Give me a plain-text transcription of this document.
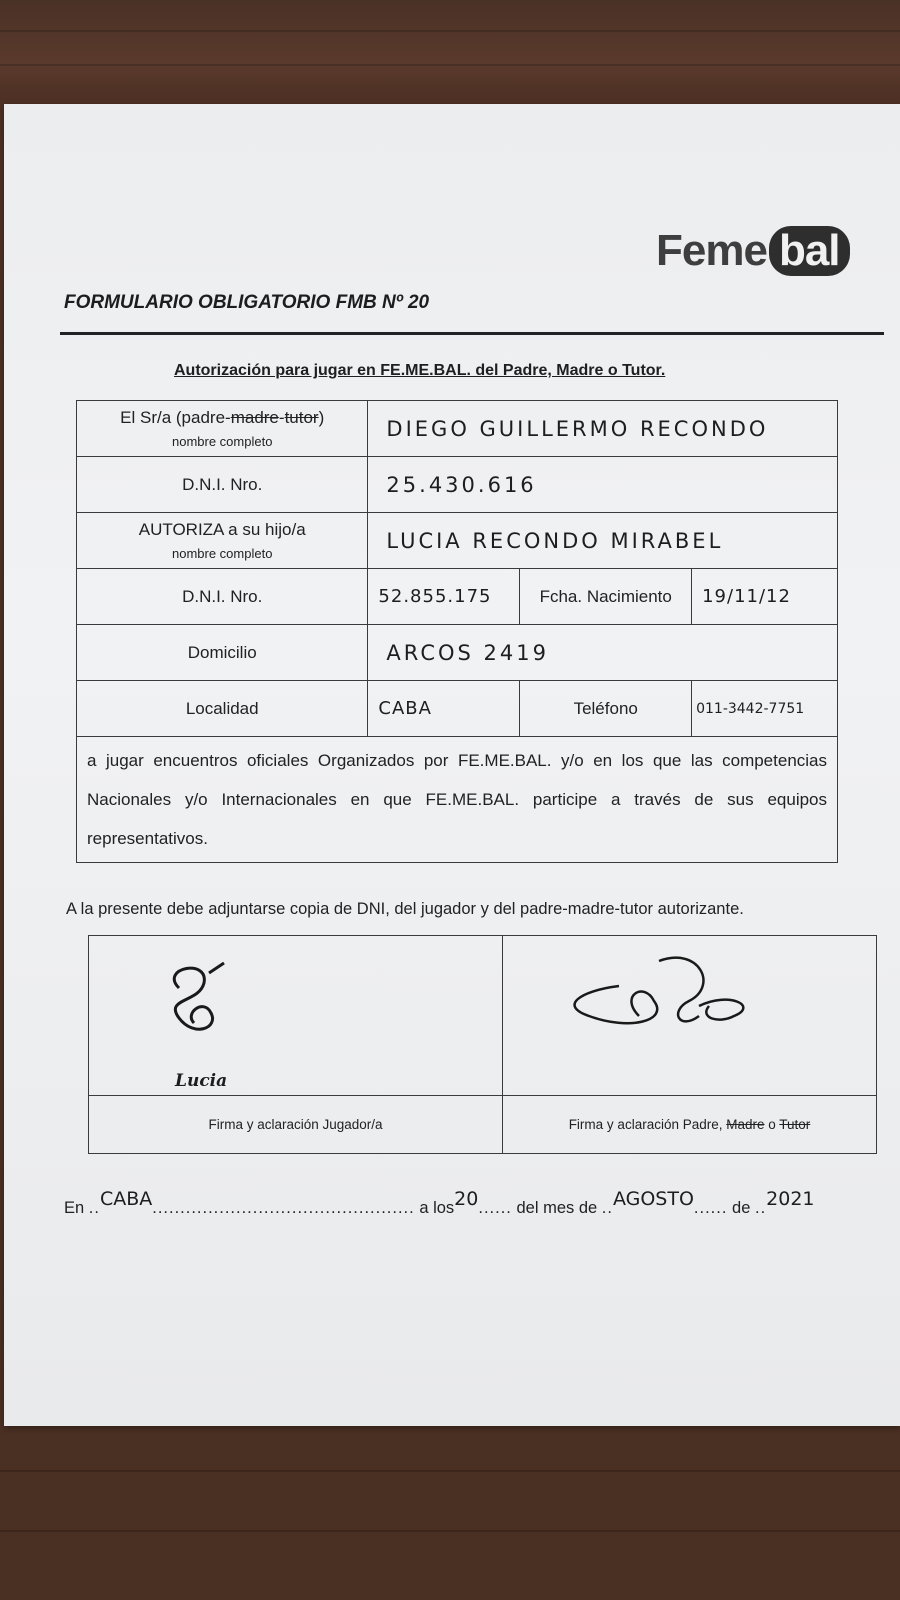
Feme bal
FORMULARIO OBLIGATORIO FMB Nº 20
Autorización para jugar en FE.ME.BAL. del Padre, Madre o Tutor.
El Sr/a (padre-madre-tutor)
nombre completo	DIEGO GUILLERMO RECONDO		
D.N.I. Nro.	25.430.616		
AUTORIZA a su hijo/a
nombre completo	LUCIA RECONDO MIRABEL		
D.N.I. Nro.	52.855.175	Fcha. Nacimiento	19/11/12
Domicilio	ARCOS 2419		
Localidad	CABA	Teléfono	011-3442-7751
a jugar encuentros oficiales Organizados por FE.ME.BAL. y/o en los que las competencias Nacionales y/o Internacionales en que FE.ME.BAL. participe a través de sus equipos representativos.			
A la presente debe adjuntarse copia de DNI, del jugador y del padre-madre-tutor autorizante.
Lucia

Firma y aclaración Jugador/a	Firma y aclaración Padre, Madre o Tutor
En ..CABA............................................... a los20...... del mes de ..AGOSTO...... de ..2021
